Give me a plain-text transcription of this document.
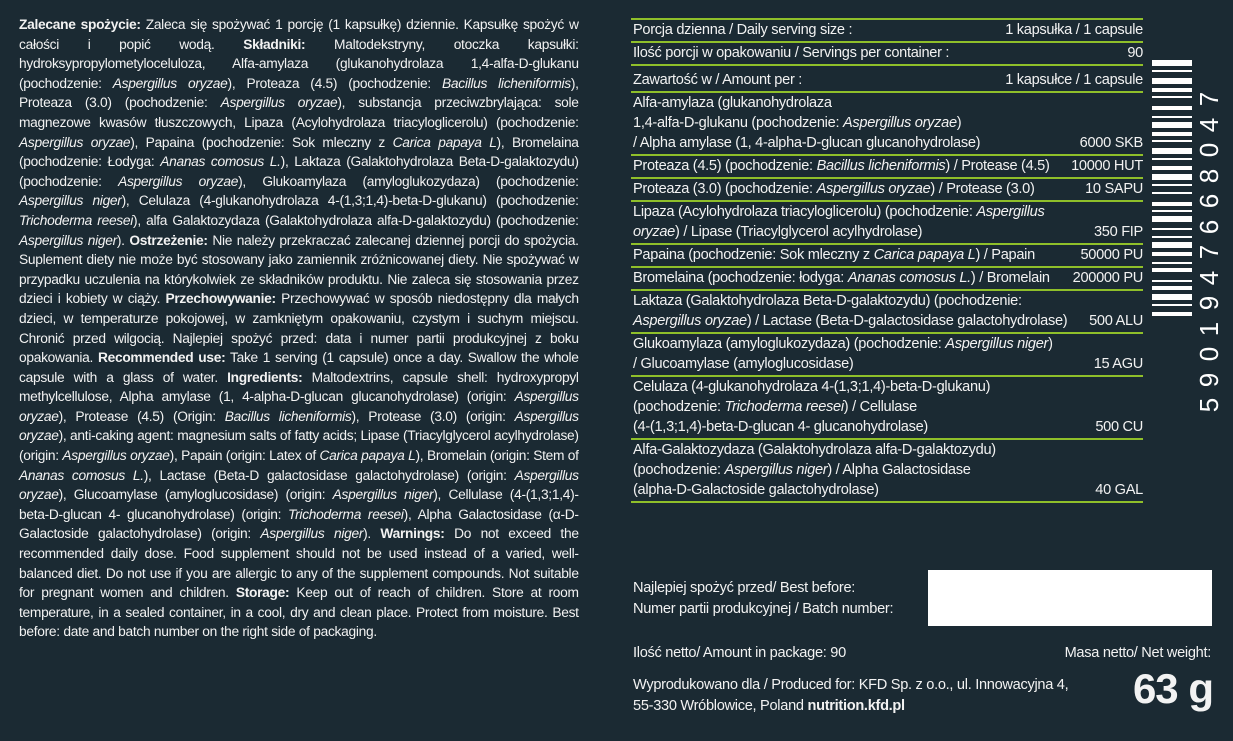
Zalecane spożycie: Zaleca się spożywać 1 porcję (1 kapsułkę) dziennie. Kapsułkę spożyć w całości i popić wodą. Składniki: Maltodekstryny, otoczka kapsułki: hydroksypropylometyloceluloza, Alfa-amylaza (glukanohydrolaza 1,4-alfa-D-glukanu (pochodzenie: Aspergillus oryzae), Proteaza (4.5) (pochodzenie: Bacillus licheniformis), Proteaza (3.0) (pochodzenie: Aspergillus oryzae), substancja przeciwzbrylająca: sole magnezowe kwasów tłuszczowych, Lipaza (Acylohydrolaza triacyloglicerolu) (pochodzenie: Aspergillus oryzae), Papaina (pochodzenie: Sok mleczny z Carica papaya L), Bromelaina (pochodzenie: Łodyga: Ananas comosus L.), Laktaza (Galaktohydrolaza Beta-D-galaktozydu) (pochodzenie: Aspergillus oryzae), Glukoamylaza (amyloglukozydaza) (pochodzenie: Aspergillus niger), Celulaza (4-glukanohydrolaza 4-(1,3;1,4)-beta-D-glukanu) (pochodzenie: Trichoderma reesei), alfa Galaktozydaza (Galaktohydrolaza alfa-D-galaktozydu) (pochodzenie: Aspergillus niger). Ostrzeżenie: Nie należy przekraczać zalecanej dziennej porcji do spożycia. Suplement diety nie może być stosowany jako zamiennik zróżnicowanej diety. Nie spożywać w przypadku uczulenia na którykolwiek ze składników produktu. Nie zaleca się stosowania przez dzieci i kobiety w ciąży. Przechowywanie: Przechowywać w sposób niedostępny dla małych dzieci, w temperaturze pokojowej, w zamkniętym opakowaniu, czystym i suchym miejscu. Chronić przed wilgocią. Najlepiej spożyć przed: data i numer partii produkcyjnej z boku opakowania. Recommended use: Take 1 serving (1 capsule) once a day. Swallow the whole capsule with a glass of water. Ingredients: Maltodextrins, capsule shell: hydroxypropyl methylcellulose, Alpha amylase (1, 4-alpha-D-glucan glucanohydrolase) (origin: Aspergillus oryzae), Protease (4.5) (Origin: Bacillus licheniformis), Protease (3.0) (origin: Aspergillus oryzae), anti-caking agent: magnesium salts of fatty acids; Lipase (Triacylglycerol acylhydrolase) (origin: Aspergillus oryzae), Papain (origin: Latex of Carica papaya L), Bromelain (origin: Stem of Ananas comosus L.), Lactase (Beta-D galactosidase galactohydrolase) (origin: Aspergillus oryzae), Glucoamylase (amyloglucosidase) (origin: Aspergillus niger), Cellulase (4-(1,3;1,4)-beta-D-glucan 4- glucanohydrolase) (origin: Trichoderma reesei), Alpha Galactosidase (α-D-Galactoside galactohydrolase) (origin: Aspergillus niger). Warnings: Do not exceed the recommended daily dose. Food supplement should not be used instead of a varied, well-balanced diet. Do not use if you are allergic to any of the supplement compounds. Not suitable for pregnant women and children. Storage: Keep out of reach of children. Store at room temperature, in a sealed container, in a cool, dry and clean place. Protect from moisture. Best before: date and batch number on the right side of packaging.
Porcja dzienna / Daily serving size :	1 kapsułka / 1 capsule
Ilość porcji w opakowaniu / Servings per container :	90
Zawartość w / Amount per :	1 kapsułce / 1 capsule
Alfa-amylaza (glukanohydrolaza
1,4-alfa-D-glukanu (pochodzenie: Aspergillus oryzae)
/ Alpha amylase (1, 4-alpha-D-glucan glucanohydrolase)	6000 SKB
Proteaza (4.5) (pochodzenie: Bacillus licheniformis) / Protease (4.5)	10000 HUT
Proteaza (3.0) (pochodzenie: Aspergillus oryzae) / Protease (3.0)	10 SAPU
Lipaza (Acylohydrolaza triacyloglicerolu) (pochodzenie: Aspergillus
oryzae) / Lipase (Triacylglycerol acylhydrolase)	350 FIP
Papaina (pochodzenie: Sok mleczny z Carica papaya L) / Papain	50000 PU
Bromelaina (pochodzenie: łodyga: Ananas comosus L.) / Bromelain	200000 PU
Laktaza (Galaktohydrolaza Beta-D-galaktozydu) (pochodzenie:
Aspergillus oryzae) / Lactase (Beta-D-galactosidase galactohydrolase)	500 ALU
Glukoamylaza (amyloglukozydaza) (pochodzenie: Aspergillus niger)
/ Glucoamylase (amyloglucosidase)	15 AGU
Celulaza (4-glukanohydrolaza 4-(1,3;1,4)-beta-D-glukanu)
(pochodzenie: Trichoderma reesei) / Cellulase
(4-(1,3;1,4)-beta-D-glucan 4- glucanohydrolase)	500 CU
Alfa-Galaktozydaza (Galaktohydrolaza alfa-D-galaktozydu)
(pochodzenie: Aspergillus niger) / Alpha Galactosidase
(alpha-D-Galactoside galactohydrolase)	40 GAL
5
9
0
1
9
4
7
6
6
8
0
4
7
Najlepiej spożyć przed/ Best before:
Numer partii produkcyjnej / Batch number:
Ilość netto/ Amount in package: 90	Masa netto/ Net weight:
63 g
Wyprodukowano dla / Produced for: KFD Sp. z o.o., ul. Innowacyjna 4,
55-330 Wróblowice, Poland nutrition.kfd.pl
